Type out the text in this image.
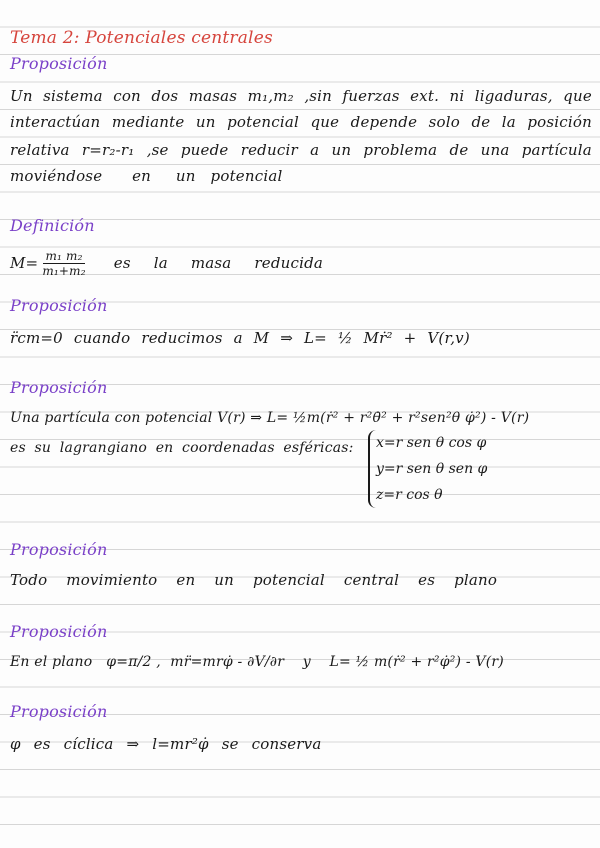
Tema 2: Potenciales centrales
Proposición
Un sistema con dos masas m₁,m₂ ,sin fuerzas ext. ni ligaduras, que
interactúan mediante un potencial que depende solo de la posición
relativa r=r₂-r₁ ,se puede reducir a un problema de una partícula
moviéndose en un potencial
Definición
$M= \frac{\text{m₁ m₂}}{\text{m₁+m₂}}$ es la masa reducida
Proposición
r̈cm=0 cuando reducimos a M ⇒ L= ½ Mṙ² + V(r,v)
Proposición
Una partícula con potencial V(r) ⇒ L= ½m(ṙ² + r²θ̇² + r²sen²θ φ̇²) - V(r)
es su lagrangiano en coordenadas esféricas:	x=r sen θ cos φ
y=r sen θ sen φ
z=r cos θ
Proposición
Todo movimiento en un potencial central es plano
Proposición
En el plano   φ=π/2 ,  mr̈=mrφ̇ - ∂V/∂r    y    L= ½ m(ṙ² + r²φ̇²) - V(r)
Proposición
φ es cíclica ⇒ l=mr²φ̇ se conserva
